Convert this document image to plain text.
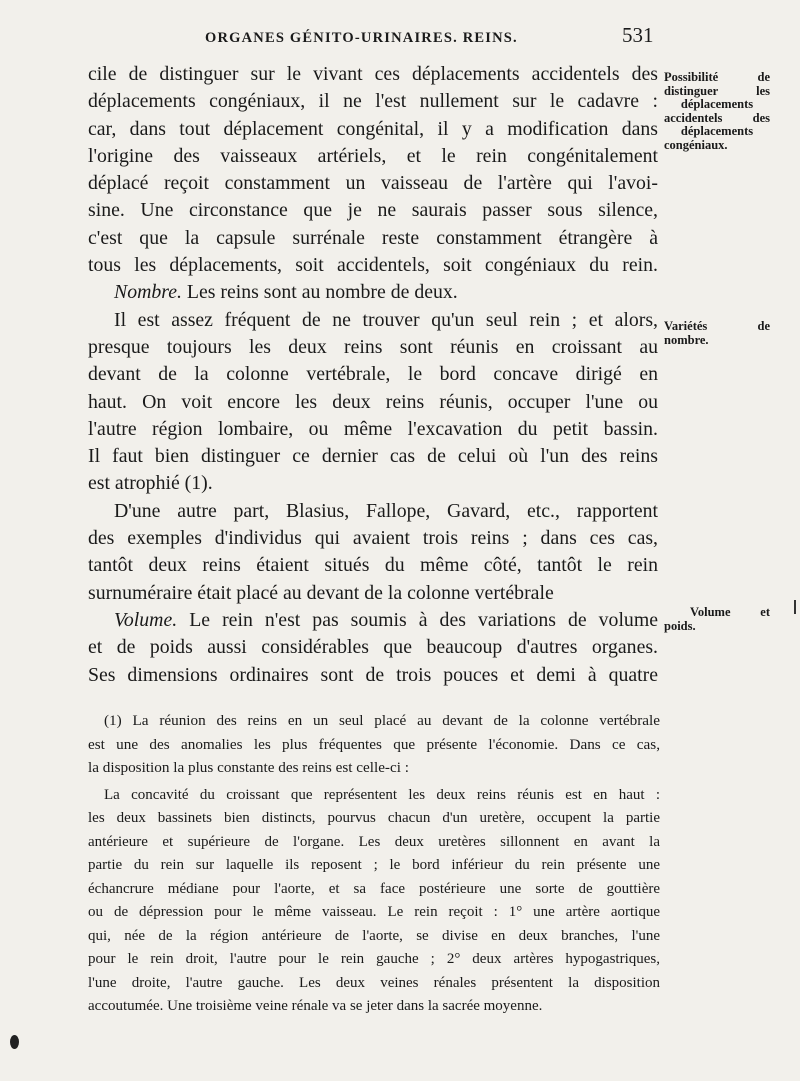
ORGANES GÉNITO-URINAIRES. REINS.	531

cile de distinguer sur le vivant ces déplacements accidentels des
déplacements congéniaux, il ne l'est nullement sur le cadavre :
car, dans tout déplacement congénital, il y a modification dans
l'origine des vaisseaux artériels, et le rein congénitalement
déplacé reçoit constamment un vaisseau de l'artère qui l'avoi-
sine. Une circonstance que je ne saurais passer sous silence,
c'est que la capsule surrénale reste constamment étrangère à
tous les déplacements, soit accidentels, soit congéniaux du rein.

Nombre. Les reins sont au nombre de deux.

Il est assez fréquent de ne trouver qu'un seul rein ; et alors,
presque toujours les deux reins sont réunis en croissant au
devant de la colonne vertébrale, le bord concave dirigé en
haut. On voit encore les deux reins réunis, occuper l'une ou
l'autre région lombaire, ou même l'excavation du petit bassin.
Il faut bien distinguer ce dernier cas de celui où l'un des reins
est atrophié (1).

D'une autre part, Blasius, Fallope, Gavard, etc., rapportent
des exemples d'individus qui avaient trois reins ; dans ces cas,
tantôt deux reins étaient situés du même côté, tantôt le rein
surnuméraire était placé au devant de la colonne vertébrale

Volume. Le rein n'est pas soumis à des variations de volume
et de poids aussi considérables que beaucoup d'autres organes.
Ses dimensions ordinaires sont de trois pouces et demi à quatre

Possibilité de
distinguer les
déplacements
accidentels des
déplacements
congéniaux.
Variétés de
nombre.
Volume et
poids.
(1) La réunion des reins en un seul placé au devant de la colonne vertébrale
est une des anomalies les plus fréquentes que présente l'économie. Dans ce cas,
la disposition la plus constante des reins est celle-ci :
La concavité du croissant que représentent les deux reins réunis est en haut :
les deux bassinets bien distincts, pourvus chacun d'un uretère, occupent la partie
antérieure et supérieure de l'organe. Les deux uretères sillonnent en avant la
partie du rein sur laquelle ils reposent ; le bord inférieur du rein présente une
échancrure médiane pour l'aorte, et sa face postérieure une sorte de gouttière
ou de dépression pour le même vaisseau. Le rein reçoit : 1° une artère aortique
qui, née de la région antérieure de l'aorte, se divise en deux branches, l'une
pour le rein droit, l'autre pour le rein gauche ; 2° deux artères hypogastriques,
l'une droite, l'autre gauche. Les deux veines rénales présentent la disposition
accoutumée. Une troisième veine rénale va se jeter dans la sacrée moyenne.
